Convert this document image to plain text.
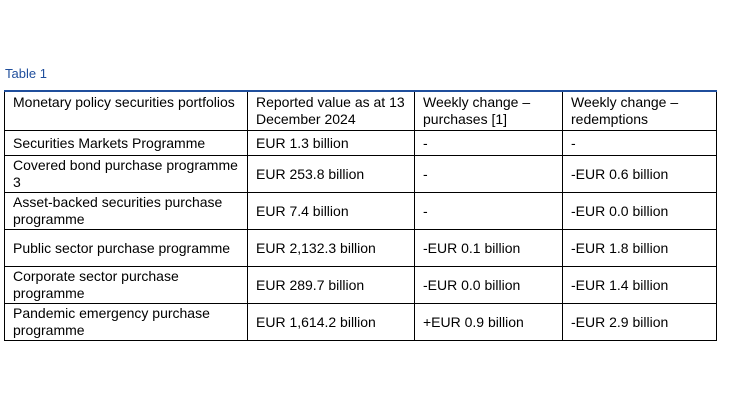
Table 1
Monetary policy securities portfolios	Reported value as at 13 December 2024	Weekly change – purchases [1]	Weekly change – redemptions
Securities Markets Programme	EUR 1.3 billion	-	-
Covered bond purchase programme 3	EUR 253.8 billion	-	-EUR 0.6 billion
Asset-backed securities purchase programme	EUR 7.4 billion	-	-EUR 0.0 billion
Public sector purchase programme	EUR 2,132.3 billion	-EUR 0.1 billion	-EUR 1.8 billion
Corporate sector purchase programme	EUR 289.7 billion	-EUR 0.0 billion	-EUR 1.4 billion
Pandemic emergency purchase programme	EUR 1,614.2 billion	+EUR 0.9 billion	-EUR 2.9 billion
